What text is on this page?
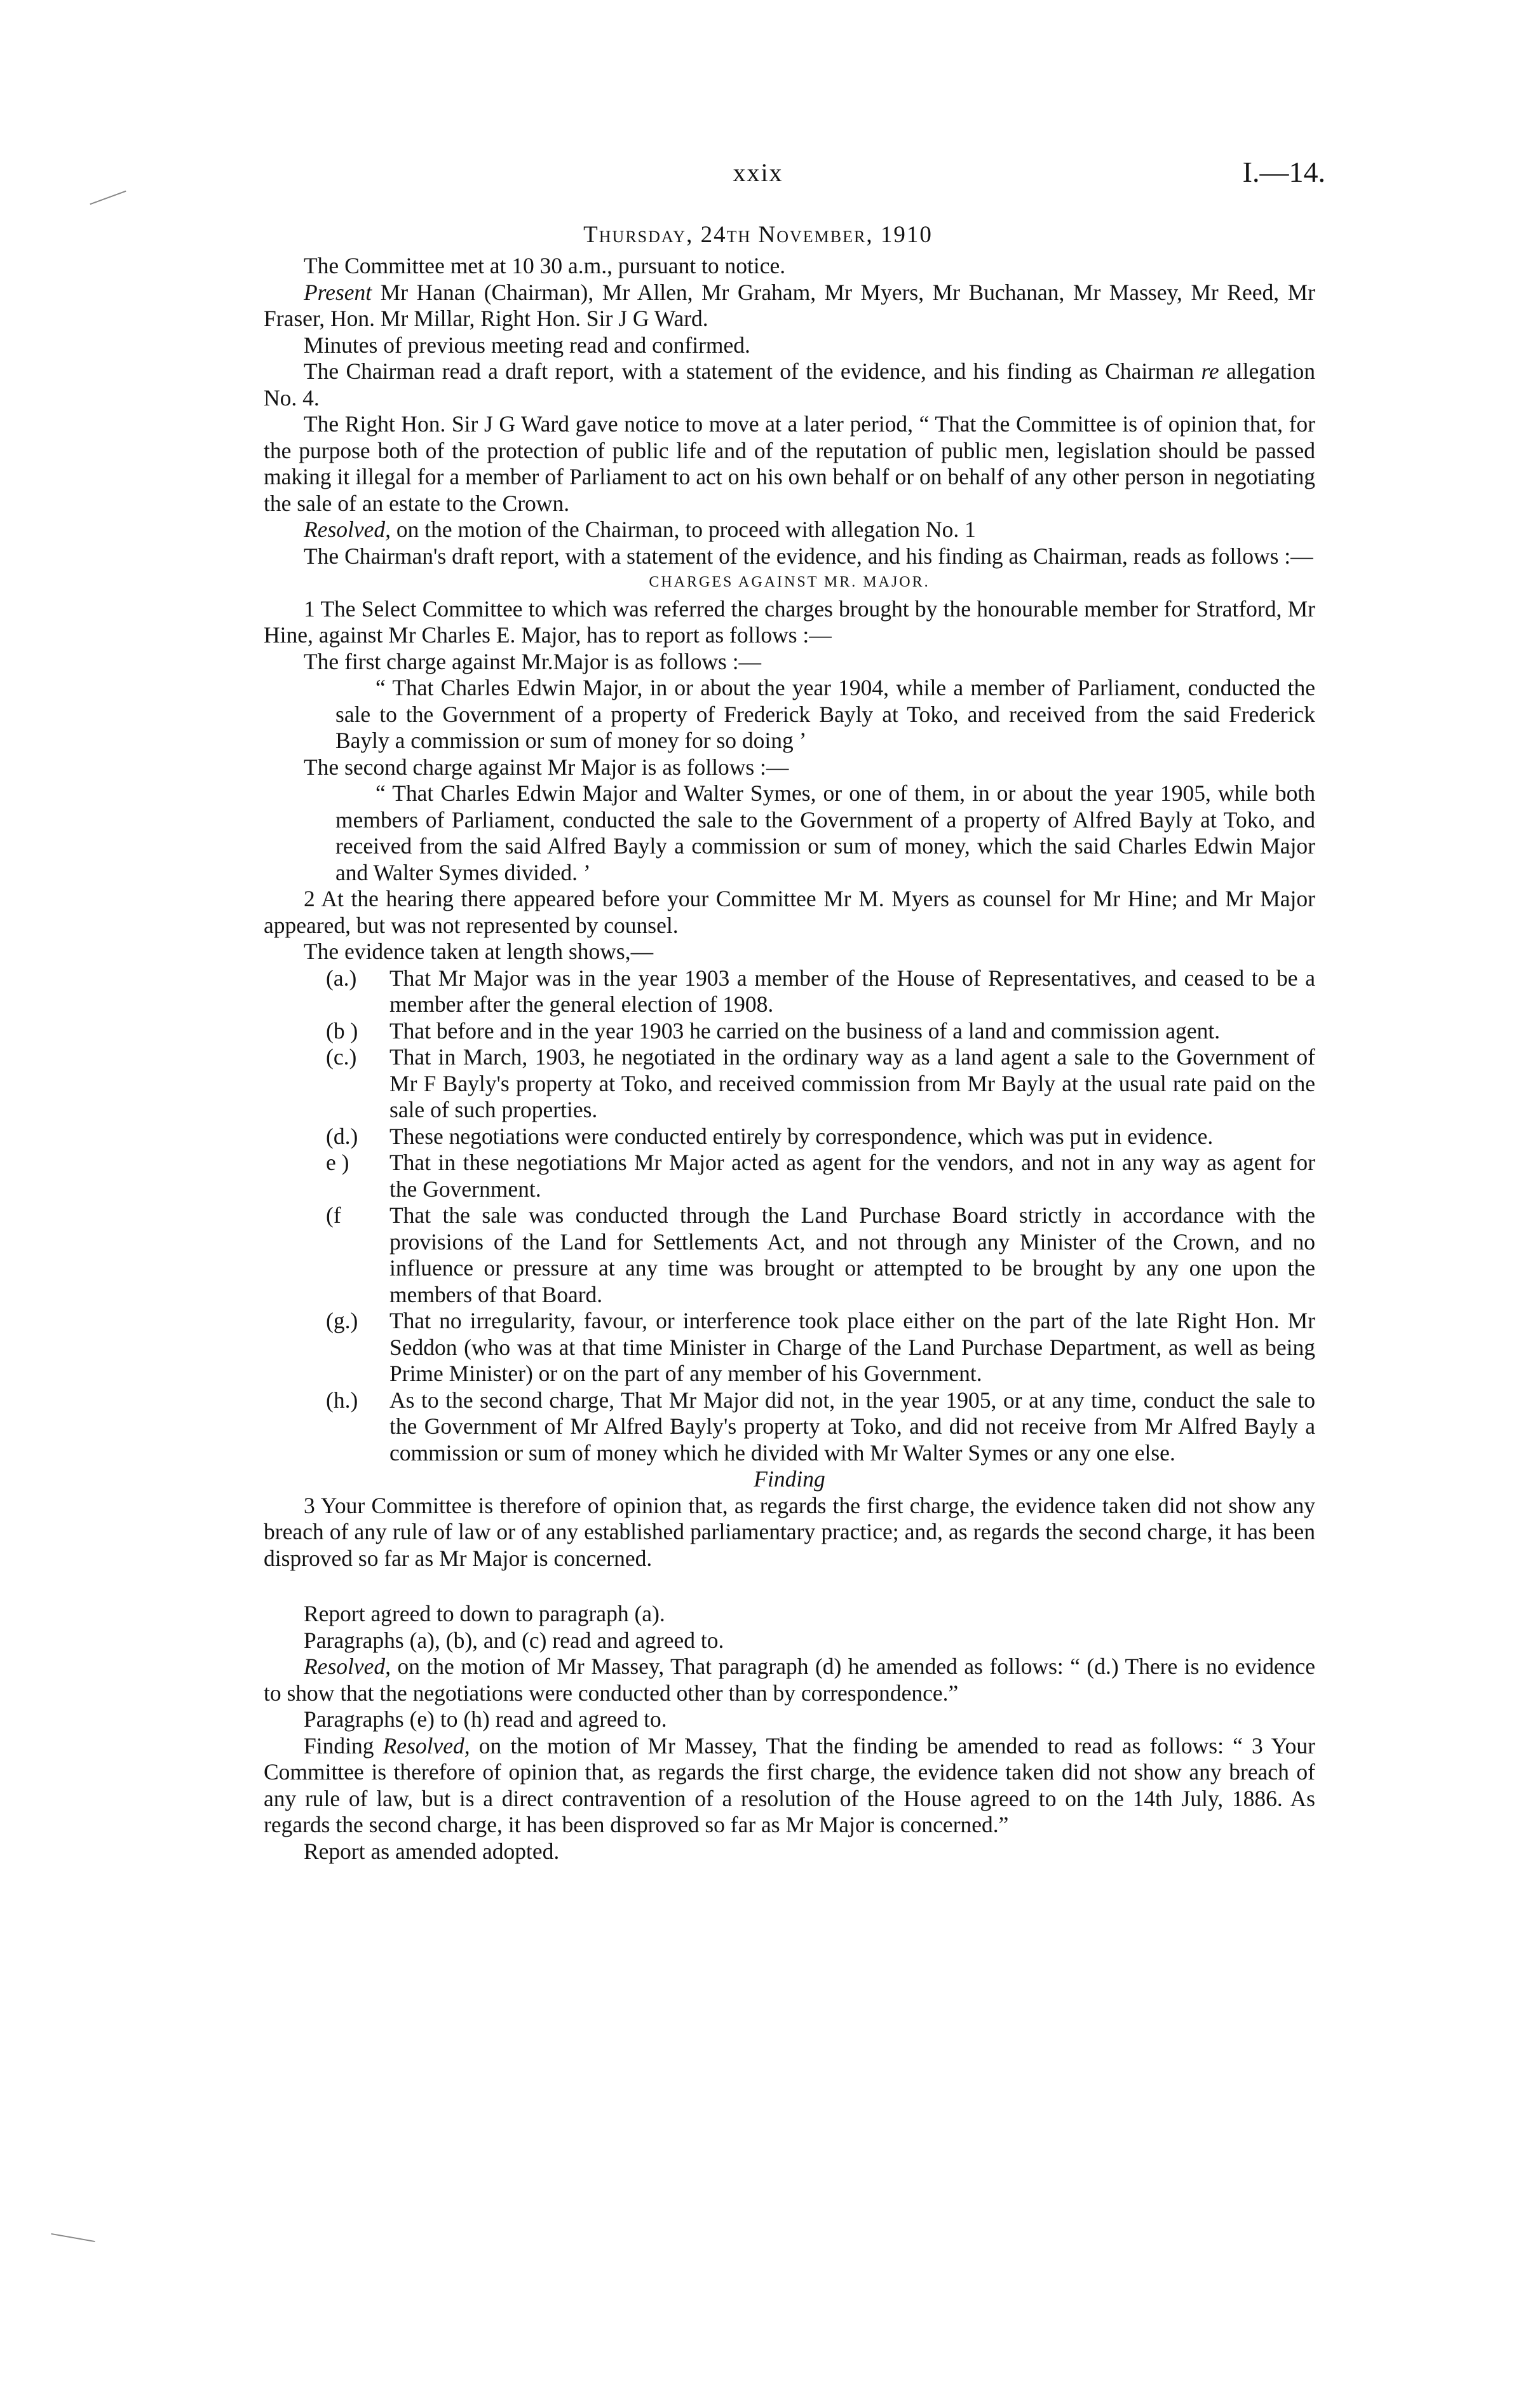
xxix	I.—14.
Thursday, 24th November, 1910

The Committee met at 10 30 a.m., pursuant to notice.

Present Mr Hanan (Chairman), Mr Allen, Mr Graham, Mr Myers, Mr Buchanan, Mr Massey, Mr Reed, Mr Fraser, Hon. Mr Millar, Right Hon. Sir J G Ward.

Minutes of previous meeting read and confirmed.

The Chairman read a draft report, with a statement of the evidence, and his finding as Chairman re allegation No. 4.

The Right Hon. Sir J G Ward gave notice to move at a later period, “ That the Committee is of opinion that, for the purpose both of the protection of public life and of the reputation of public men, legislation should be passed making it illegal for a member of Parliament to act on his own behalf or on behalf of any other person in negotiating the sale of an estate to the Crown.

Resolved, on the motion of the Chairman, to proceed with allegation No. 1

The Chairman's draft report, with a statement of the evidence, and his finding as Chairman, reads as follows :—

CHARGES AGAINST MR. MAJOR.

1 The Select Committee to which was referred the charges brought by the honourable member for Stratford, Mr Hine, against Mr Charles E. Major, has to report as follows :—

The first charge against Mr.Major is as follows :—

“ That Charles Edwin Major, in or about the year 1904, while a member of Parliament, conducted the sale to the Government of a property of Frederick Bayly at Toko, and received from the said Frederick Bayly a commission or sum of money for so doing ’

The second charge against Mr Major is as follows :—

“ That Charles Edwin Major and Walter Symes, or one of them, in or about the year 1905, while both members of Parliament, conducted the sale to the Government of a property of Alfred Bayly at Toko, and received from the said Alfred Bayly a commission or sum of money, which the said Charles Edwin Major and Walter Symes divided. ’

2 At the hearing there appeared before your Committee Mr M. Myers as counsel for Mr Hine; and Mr Major appeared, but was not represented by counsel.

The evidence taken at length shows,—

(a.) That Mr Major was in the year 1903 a member of the House of Representatives, and ceased to be a member after the general election of 1908.
(b ) That before and in the year 1903 he carried on the business of a land and commission agent.
(c.) That in March, 1903, he negotiated in the ordinary way as a land agent a sale to the Government of Mr F Bayly's property at Toko, and received commission from Mr Bayly at the usual rate paid on the sale of such properties.
(d.) These negotiations were conducted entirely by correspondence, which was put in evidence.
e ) That in these negotiations Mr Major acted as agent for the vendors, and not in any way as agent for the Government.
(f That the sale was conducted through the Land Purchase Board strictly in accordance with the provisions of the Land for Settlements Act, and not through any Minister of the Crown, and no influence or pressure at any time was brought or attempted to be brought by any one upon the members of that Board.
(g.) That no irregularity, favour, or interference took place either on the part of the late Right Hon. Mr Seddon (who was at that time Minister in Charge of the Land Purchase Department, as well as being Prime Minister) or on the part of any member of his Government.
(h.) As to the second charge, That Mr Major did not, in the year 1905, or at any time, conduct the sale to the Government of Mr Alfred Bayly's property at Toko, and did not receive from Mr Alfred Bayly a commission or sum of money which he divided with Mr Walter Symes or any one else.

Finding

3 Your Committee is therefore of opinion that, as regards the first charge, the evidence taken did not show any breach of any rule of law or of any established parliamentary practice; and, as regards the second charge, it has been disproved so far as Mr Major is concerned.

Report agreed to down to paragraph (a).

Paragraphs (a), (b), and (c) read and agreed to.

Resolved, on the motion of Mr Massey, That paragraph (d) he amended as follows: “ (d.) There is no evidence to show that the negotiations were conducted other than by correspondence.”

Paragraphs (e) to (h) read and agreed to.

Finding Resolved, on the motion of Mr Massey, That the finding be amended to read as follows: “ 3 Your Committee is therefore of opinion that, as regards the first charge, the evidence taken did not show any breach of any rule of law, but is a direct contravention of a resolution of the House agreed to on the 14th July, 1886. As regards the second charge, it has been disproved so far as Mr Major is concerned.”

Report as amended adopted.
